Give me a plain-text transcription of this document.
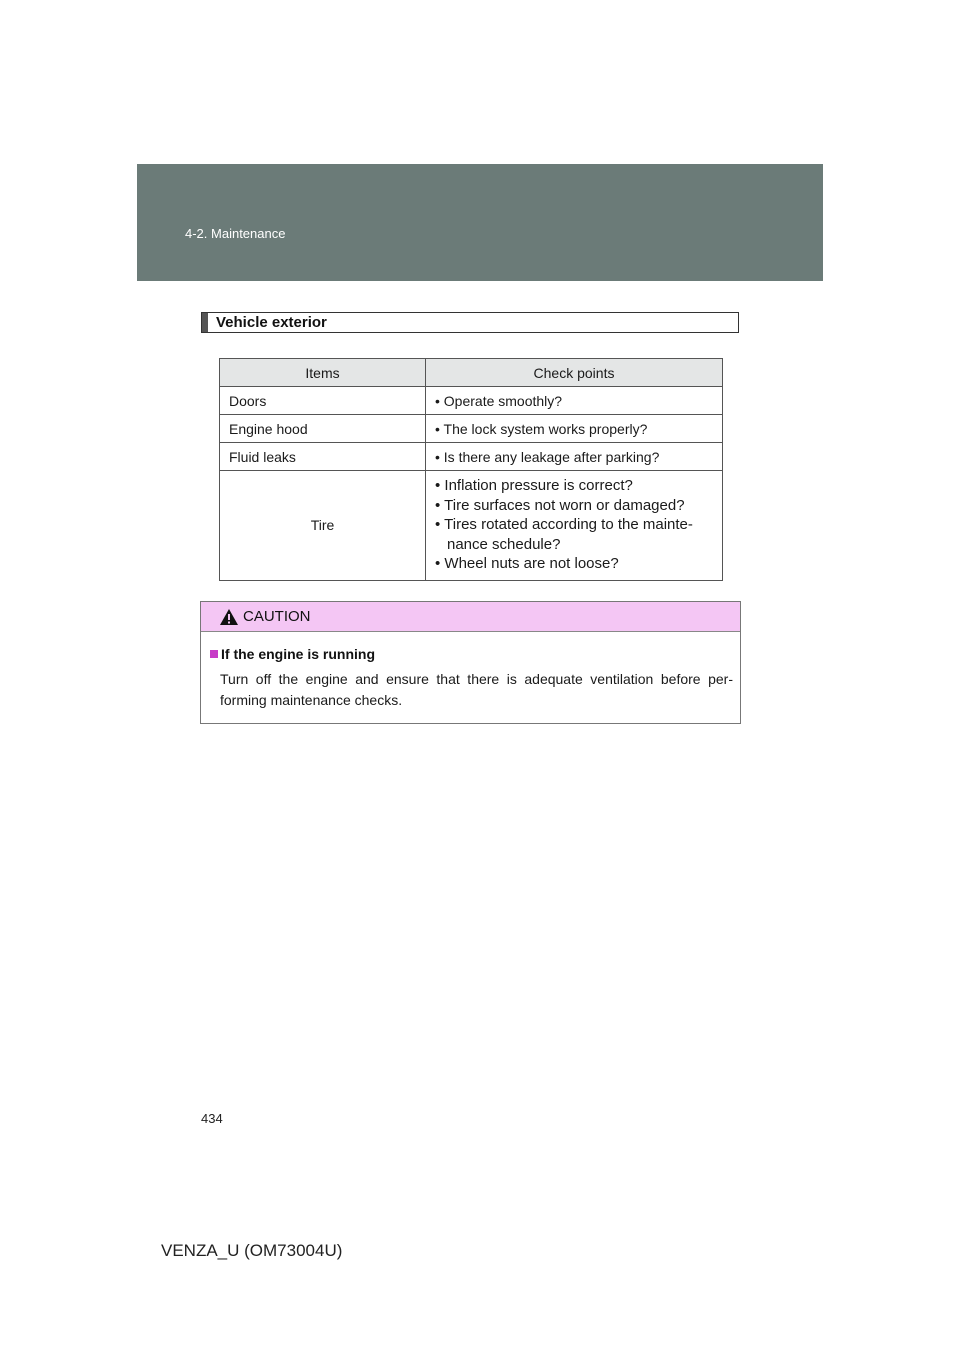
4-2. Maintenance
Vehicle exterior
Items	Check points
Doors	• Operate smoothly?
Engine hood	• The lock system works properly?
Fluid leaks	• Is there any leakage after parking?
Tire	• Inflation pressure is correct?
• Tire surfaces not worn or damaged?
• Tires rotated according to the mainte-nance schedule?
• Wheel nuts are not loose?
CAUTION
If the engine is running
Turn off the engine and ensure that there is adequate ventilation before per-forming maintenance checks.
434
VENZA_U (OM73004U)
